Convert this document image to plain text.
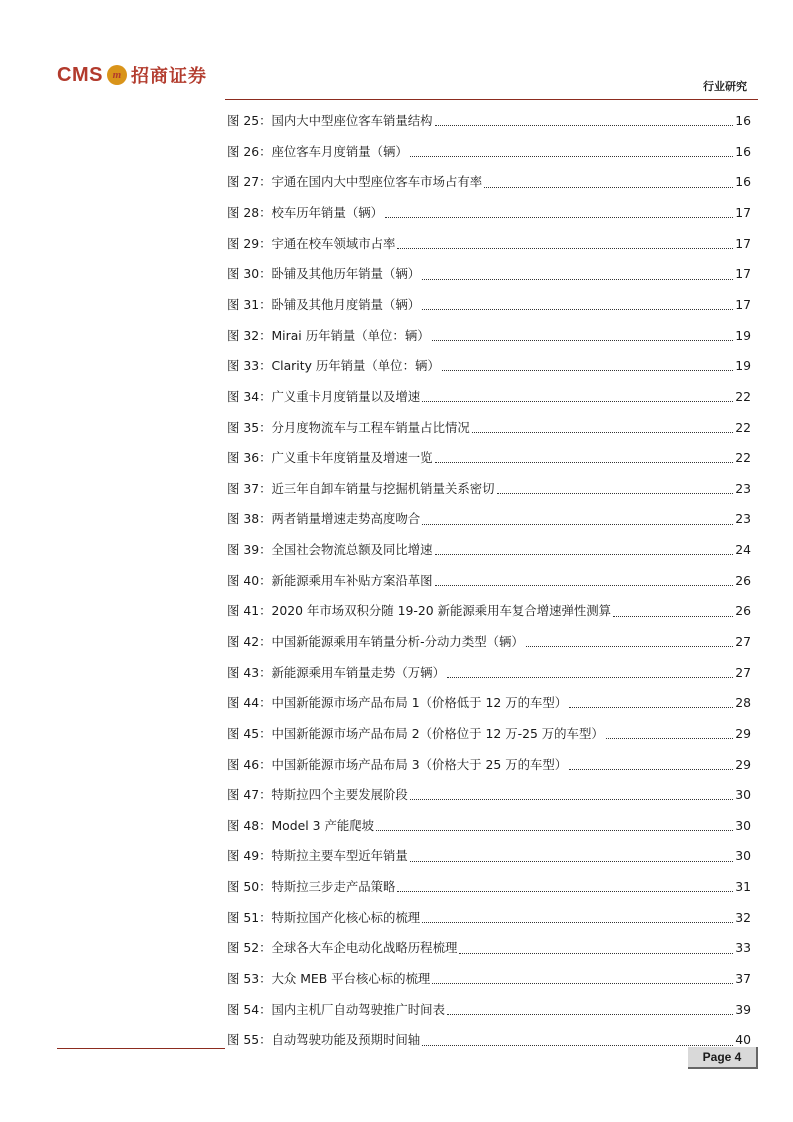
CMS m 招商证券	行业研究
图 25：国内大中型座位客车销量结构	16
图 26：座位客车月度销量（辆）	16
图 27：宇通在国内大中型座位客车市场占有率	16
图 28：校车历年销量（辆）	17
图 29：宇通在校车领域市占率	17
图 30：卧铺及其他历年销量（辆）	17
图 31：卧铺及其他月度销量（辆）	17
图 32：Mirai 历年销量（单位：辆）	19
图 33：Clarity 历年销量（单位：辆）	19
图 34：广义重卡月度销量以及增速	22
图 35：分月度物流车与工程车销量占比情况	22
图 36：广义重卡年度销量及增速一览	22
图 37：近三年自卸车销量与挖掘机销量关系密切	23
图 38：两者销量增速走势高度吻合	23
图 39：全国社会物流总额及同比增速	24
图 40：新能源乘用车补贴方案沿革图	26
图 41：2020 年市场双积分随 19-20 新能源乘用车复合增速弹性测算	26
图 42：中国新能源乘用车销量分析-分动力类型（辆）	27
图 43：新能源乘用车销量走势（万辆）	27
图 44：中国新能源市场产品布局 1（价格低于 12 万的车型）	28
图 45：中国新能源市场产品布局 2（价格位于 12 万-25 万的车型）	29
图 46：中国新能源市场产品布局 3（价格大于 25 万的车型）	29
图 47：特斯拉四个主要发展阶段	30
图 48：Model 3 产能爬坡	30
图 49：特斯拉主要车型近年销量	30
图 50：特斯拉三步走产品策略	31
图 51：特斯拉国产化核心标的梳理	32
图 52：全球各大车企电动化战略历程梳理	33
图 53：大众 MEB 平台核心标的梳理	37
图 54：国内主机厂自动驾驶推广时间表	39
图 55：自动驾驶功能及预期时间轴	40
Page 4
